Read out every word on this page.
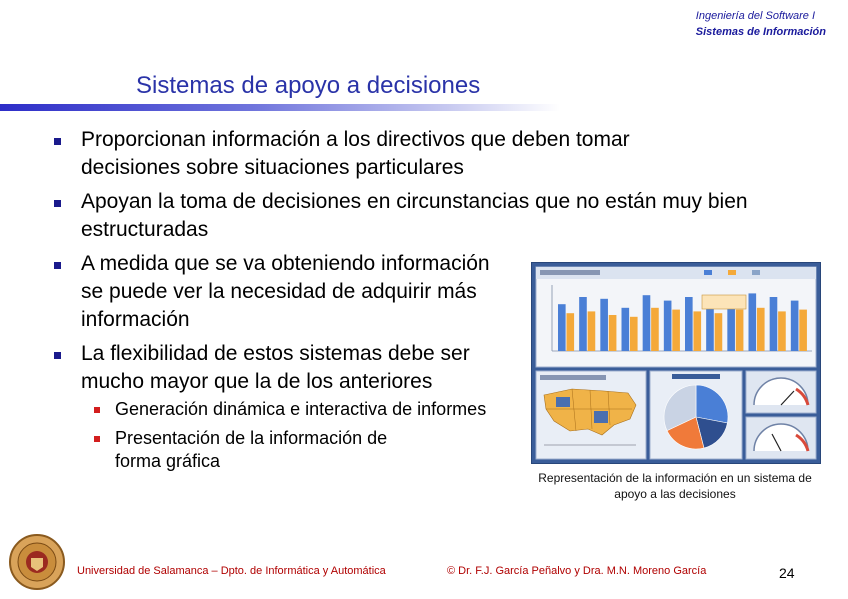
Ingeniería del Software I
Sistemas de Información
Sistemas de apoyo a decisiones
Proporcionan información a los directivos que deben tomar decisiones sobre situaciones particulares
Apoyan la toma de decisiones en circunstancias que no están muy bien estructuradas
A medida que se va obteniendo información se puede ver la necesidad de adquirir más información
La flexibilidad de estos sistemas debe ser mucho mayor que la de los anteriores
Generación dinámica e interactiva de informes
Presentación de la información de forma gráfica
Representación de la información en un sistema de apoyo a las decisiones
Universidad de Salamanca – Dpto. de Informática y Automática	© Dr. F.J. García Peñalvo y Dra. M.N. Moreno García	24
